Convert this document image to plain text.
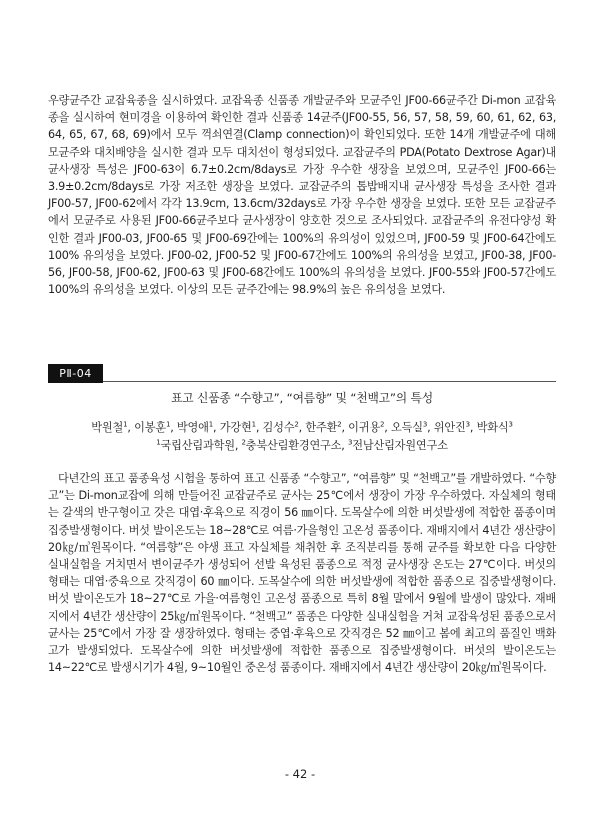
우량균주간 교잡육종을 실시하였다. 교잡육종 신품종 개발균주와 모균주인 JF00-66균주간 Di-mon 교잡육종을 실시하여 현미경을 이용하여 확인한 결과 신품종 14균주(JF00-55, 56, 57, 58, 59, 60, 61, 62, 63, 64, 65, 67, 68, 69)에서 모두 꺽쇠연결(Clamp connection)이 확인되었다. 또한 14개 개발균주에 대해 모균주와 대치배양을 실시한 결과 모두 대치선이 형성되었다. 교잡균주의 PDA(Potato Dextrose Agar)내 균사생장 특성은 JF00-63이 6.7±0.2cm/8days로 가장 우수한 생장을 보였으며, 모균주인 JF00-66는 3.9±0.2cm/8days로 가장 저조한 생장을 보였다. 교잡균주의 톱밥배지내 균사생장 특성을 조사한 결과 JF00-57, JF00-62에서 각각 13.9cm, 13.6cm/32days로 가장 우수한 생장을 보였다. 또한 모든 교잡균주에서 모균주로 사용된 JF00-66균주보다 균사생장이 양호한 것으로 조사되었다. 교잡균주의 유전다양성 확인한 결과 JF00-03, JF00-65 및 JF00-69간에는 100%의 유의성이 있었으며, JF00-59 및 JF00-64간에도 100% 유의성을 보였다. JF00-02, JF00-52 및 JF00-67간에도 100%의 유의성을 보였고, JF00-38, JF00-56, JF00-58, JF00-62, JF00-63 및 JF00-68간에도 100%의 유의성을 보였다. JF00-55와 JF00-57간에도 100%의 유의성을 보였다. 이상의 모든 균주간에는 98.9%의 높은 유의성을 보였다.

PⅡ-04
표고 신품종 “수향고”, “여름향” 및 “천백고”의 특성
박원철$^1$, 이봉훈$^1$, 박영애$^1$, 가강현$^1$, 김성수$^2$, 한주환$^2$, 이귀용$^2$, 오득실$^3$, 위안진$^3$, 박화식$^3$
$^1$국립산림과학원, $^2$충북산림환경연구소, $^3$전남산림자원연구소

다년간의 표고 품종육성 시험을 통하여 표고 신품종 “수향고”, “여름향” 및 “천백고”를 개발하였다. “수향고”는 Di-mon교잡에 의해 만들어진 교잡균주로 균사는 25℃에서 생장이 가장 우수하였다. 자실체의 형태는 갈색의 반구형이고 갓은 대엽·후육으로 직경이 56 ㎜이다. 도목살수에 의한 버섯발생에 적합한 품종이며 집중발생형이다. 버섯 발이온도는 18~28℃로 여름·가을형인 고온성 품종이다. 재배지에서 4년간 생산량이 20㎏/㎥원목이다. “여름향”은 야생 표고 자실체를 채취한 후 조직분리를 통해 균주를 확보한 다음 다양한 실내실험을 거치면서 변이균주가 생성되어 선발 육성된 품종으로 적정 균사생장 온도는 27℃이다. 버섯의 형태는 대엽·중육으로 갓직경이 60 ㎜이다. 도목살수에 의한 버섯발생에 적합한 품종으로 집중발생형이다. 버섯 발이온도가 18~27℃로 가을·여름형인 고온성 품종으로 특히 8월 말에서 9월에 발생이 많았다. 재배지에서 4년간 생산량이 25㎏/㎥원목이다. “천백고” 품종은 다양한 실내실험을 거쳐 교잡육성된 품종으로서 균사는 25℃에서 가장 잘 생장하였다. 형태는 중엽·후육으로 갓직경은 52 ㎜이고 봄에 최고의 품질인 백화고가 발생되었다. 도목살수에 의한 버섯발생에 적합한 품종으로 집중발생형이다. 버섯의 발이온도는 14~22℃로 발생시기가 4월, 9~10월인 중온성 품종이다. 재배지에서 4년간 생산량이 20㎏/㎥원목이다.

- 42 -
